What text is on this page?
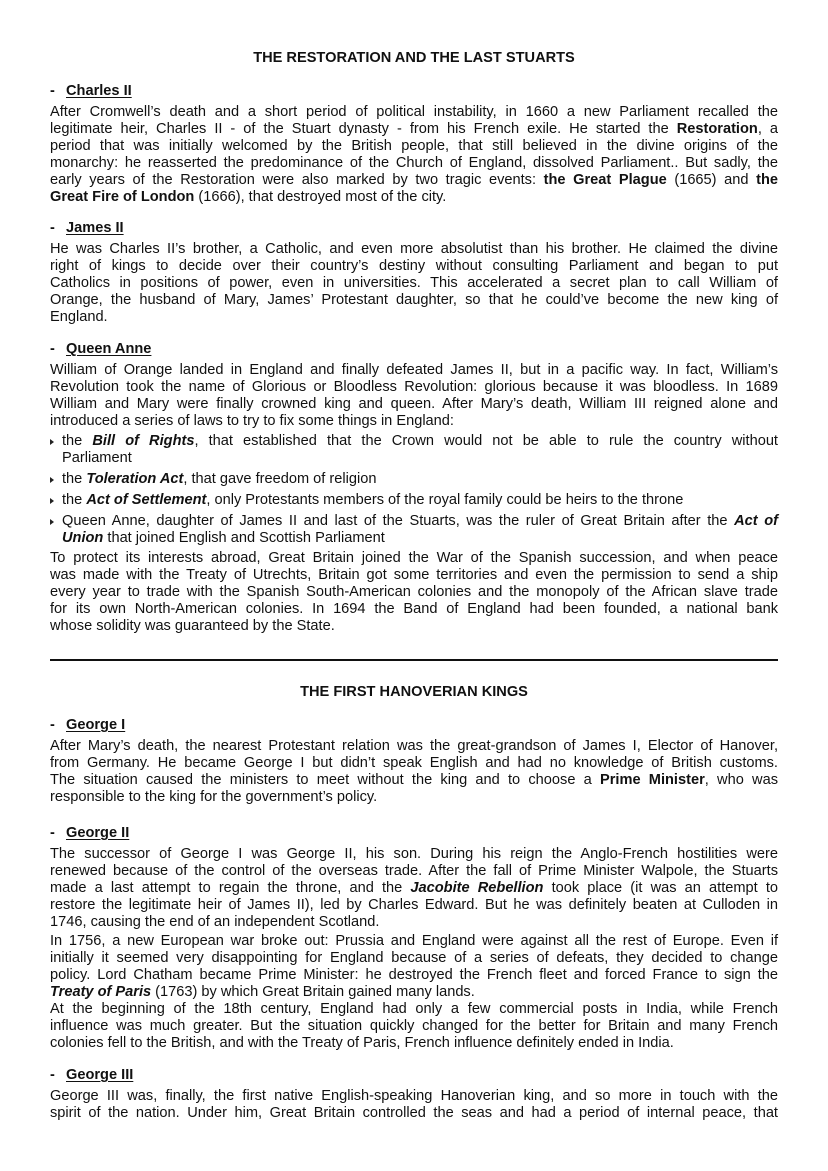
THE RESTORATION AND THE LAST STUARTS
- Charles II
After Cromwell’s death and a short period of political instability, in 1660 a new Parliament recalled the
legitimate heir, Charles II - of the Stuart dynasty - from his French exile. He started the Restoration, a
period that was initially welcomed by the British people, that still believed in the divine origins of the
monarchy: he reasserted the predominance of the Church of England, dissolved Parliament.. But sadly, the
early years of the Restoration were also marked by two tragic events: the Great Plague (1665) and the
Great Fire of London (1666), that destroyed most of the city.
- James II
He was Charles II’s brother, a Catholic, and even more absolutist than his brother. He claimed the divine
right of kings to decide over their country’s destiny without consulting Parliament and began to put
Catholics in positions of power, even in universities. This accelerated a secret plan to call William of
Orange, the husband of Mary, James’ Protestant daughter, so that he could’ve become the new king of
England.
- Queen Anne
William of Orange landed in England and finally defeated James II, but in a pacific way. In fact, William’s
Revolution took the name of Glorious or Bloodless Revolution: glorious because it was bloodless. In 1689
William and Mary were finally crowned king and queen. After Mary’s death, William III reigned alone and
introduced a series of laws to try to fix some things in England:
the Bill of Rights, that established that the Crown would not be able to rule the country without
Parliament
the Toleration Act, that gave freedom of religion
the Act of Settlement, only Protestants members of the royal family could be heirs to the throne
Queen Anne, daughter of James II and last of the Stuarts, was the ruler of Great Britain after the Act of
Union that joined English and Scottish Parliament
To protect its interests abroad, Great Britain joined the War of the Spanish succession, and when peace
was made with the Treaty of Utrechts, Britain got some territories and even the permission to send a ship
every year to trade with the Spanish South-American colonies and the monopoly of the African slave trade
for its own North-American colonies. In 1694 the Band of England had been founded, a national bank
whose solidity was guaranteed by the State.
THE FIRST HANOVERIAN KINGS
- George I
After Mary’s death, the nearest Protestant relation was the great-grandson of James I, Elector of Hanover,
from Germany. He became George I but didn’t speak English and had no knowledge of British customs.
The situation caused the ministers to meet without the king and to choose a Prime Minister, who was
responsible to the king for the government’s policy.
- George II
The successor of George I was George II, his son. During his reign the Anglo-French hostilities were
renewed because of the control of the overseas trade. After the fall of Prime Minister Walpole, the Stuarts
made a last attempt to regain the throne, and the Jacobite Rebellion took place (it was an attempt to
restore the legitimate heir of James II), led by Charles Edward. But he was definitely beaten at Culloden in
1746, causing the end of an independent Scotland.
In 1756, a new European war broke out: Prussia and England were against all the rest of Europe. Even if
initially it seemed very disappointing for England because of a series of defeats, they decided to change
policy. Lord Chatham became Prime Minister: he destroyed the French fleet and forced France to sign the
Treaty of Paris (1763) by which Great Britain gained many lands.
At the beginning of the 18th century, England had only a few commercial posts in India, while French
influence was much greater. But the situation quickly changed for the better for Britain and many French
colonies fell to the British, and with the Treaty of Paris, French influence definitely ended in India.
- George III
George III was, finally, the first native English-speaking Hanoverian king, and so more in touch with the
spirit of the nation. Under him, Great Britain controlled the seas and had a period of internal peace, that
